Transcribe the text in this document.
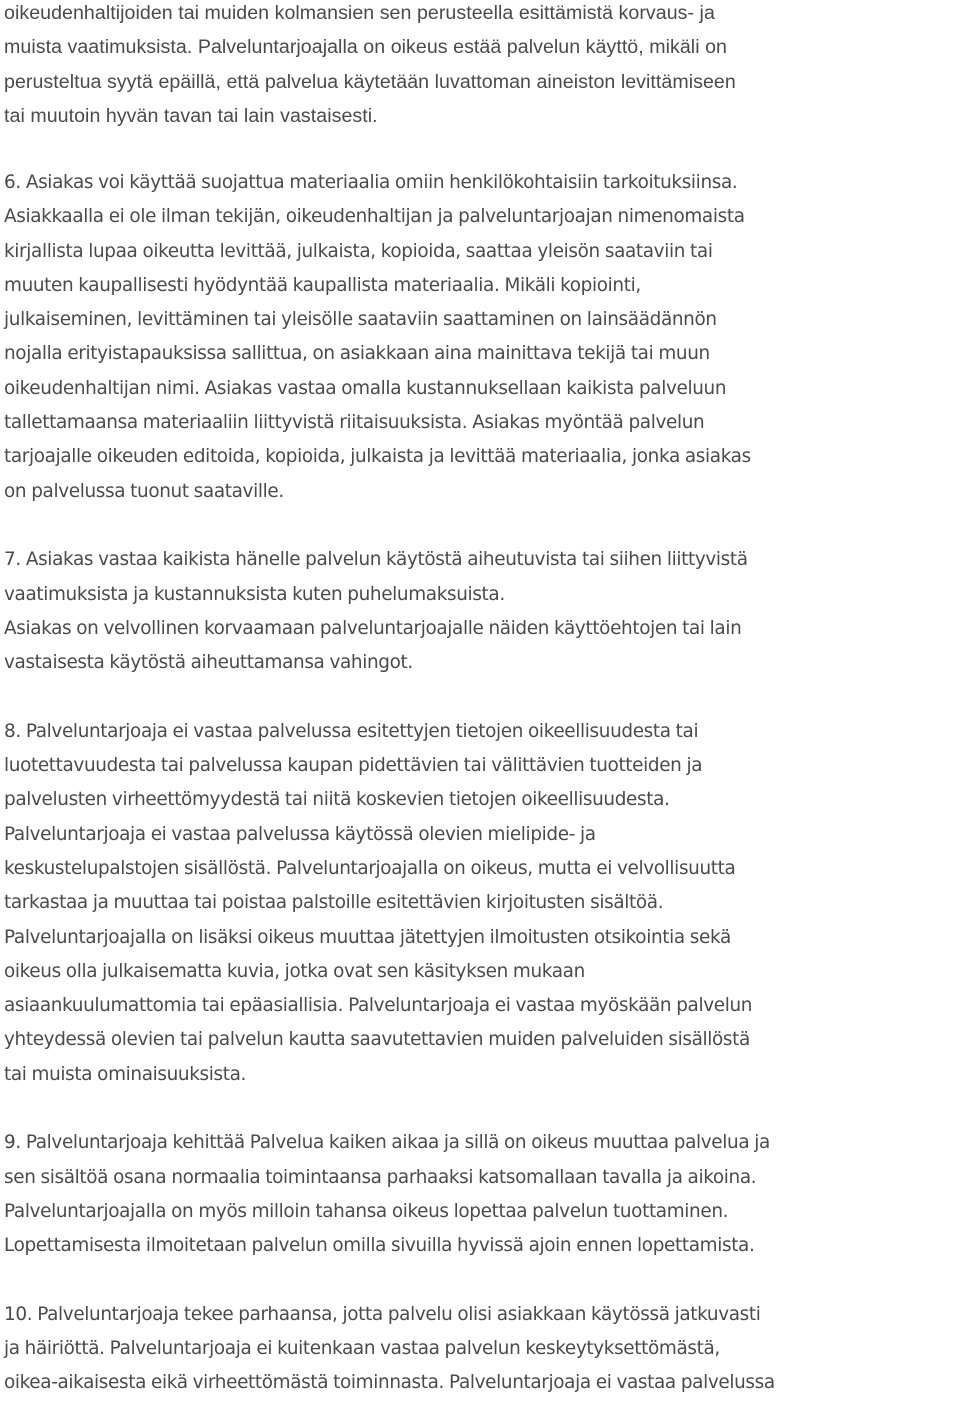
oikeudenhaltijoiden tai muiden kolmansien sen perusteella esittämistä korvaus- ja

muista vaatimuksista. Palveluntarjoajalla on oikeus estää palvelun käyttö, mikäli on

perusteltua syytä epäillä, että palvelua käytetään luvattoman aineiston levittämiseen

tai muutoin hyvän tavan tai lain vastaisesti.

6. Asiakas voi käyttää suojattua materiaalia omiin henkilökohtaisiin tarkoituksiinsa.

Asiakkaalla ei ole ilman tekijän, oikeudenhaltijan ja palveluntarjoajan nimenomaista

kirjallista lupaa oikeutta levittää, julkaista, kopioida, saattaa yleisön saataviin tai

muuten kaupallisesti hyödyntää kaupallista materiaalia. Mikäli kopiointi,

julkaiseminen, levittäminen tai yleisölle saataviin saattaminen on lainsäädännön

nojalla erityistapauksissa sallittua, on asiakkaan aina mainittava tekijä tai muun

oikeudenhaltijan nimi. Asiakas vastaa omalla kustannuksellaan kaikista palveluun

tallettamaansa materiaaliin liittyvistä riitaisuuksista. Asiakas myöntää palvelun

tarjoajalle oikeuden editoida, kopioida, julkaista ja levittää materiaalia, jonka asiakas

on palvelussa tuonut saataville.

7. Asiakas vastaa kaikista hänelle palvelun käytöstä aiheutuvista tai siihen liittyvistä

vaatimuksista ja kustannuksista kuten puhelumaksuista.

Asiakas on velvollinen korvaamaan palveluntarjoajalle näiden käyttöehtojen tai lain

vastaisesta käytöstä aiheuttamansa vahingot.

8. Palveluntarjoaja ei vastaa palvelussa esitettyjen tietojen oikeellisuudesta tai

luotettavuudesta tai palvelussa kaupan pidettävien tai välittävien tuotteiden ja

palvelusten virheettömyydestä tai niitä koskevien tietojen oikeellisuudesta.

Palveluntarjoaja ei vastaa palvelussa käytössä olevien mielipide- ja

keskustelupalstojen sisällöstä. Palveluntarjoajalla on oikeus, mutta ei velvollisuutta

tarkastaa ja muuttaa tai poistaa palstoille esitettävien kirjoitusten sisältöä.

Palveluntarjoajalla on lisäksi oikeus muuttaa jätettyjen ilmoitusten otsikointia sekä

oikeus olla julkaisematta kuvia, jotka ovat sen käsityksen mukaan

asiaankuulumattomia tai epäasiallisia. Palveluntarjoaja ei vastaa myöskään palvelun

yhteydessä olevien tai palvelun kautta saavutettavien muiden palveluiden sisällöstä

tai muista ominaisuuksista.

9. Palveluntarjoaja kehittää Palvelua kaiken aikaa ja sillä on oikeus muuttaa palvelua ja

sen sisältöä osana normaalia toimintaansa parhaaksi katsomallaan tavalla ja aikoina.

Palveluntarjoajalla on myös milloin tahansa oikeus lopettaa palvelun tuottaminen.

Lopettamisesta ilmoitetaan palvelun omilla sivuilla hyvissä ajoin ennen lopettamista.

10. Palveluntarjoaja tekee parhaansa, jotta palvelu olisi asiakkaan käytössä jatkuvasti

ja häiriöttä. Palveluntarjoaja ei kuitenkaan vastaa palvelun keskeytyksettömästä,

oikea-aikaisesta eikä virheettömästä toiminnasta. Palveluntarjoaja ei vastaa palvelussa
